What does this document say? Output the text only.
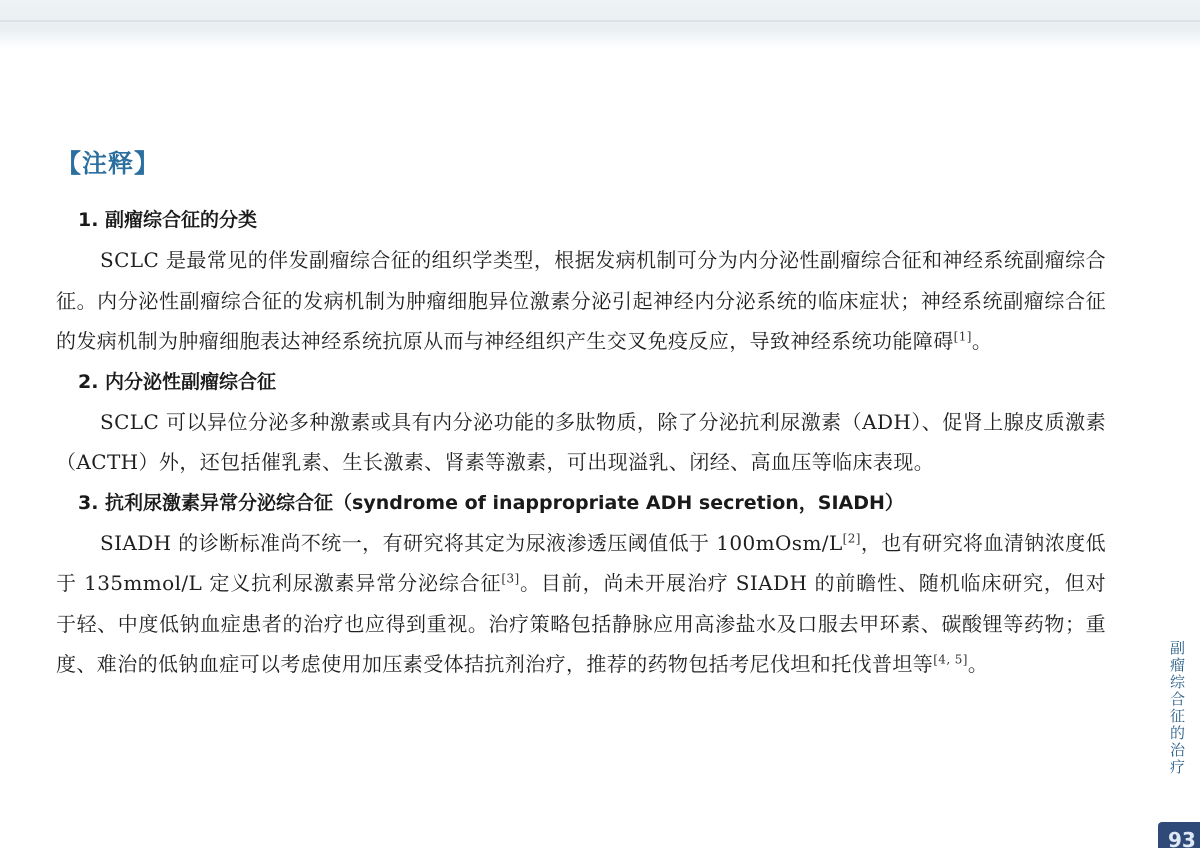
【注释】
1. 副瘤综合征的分类

SCLC 是最常见的伴发副瘤综合征的组织学类型，根据发病机制可分为内分泌性副瘤综合征和神经系统副瘤综合征。内分泌性副瘤综合征的发病机制为肿瘤细胞异位激素分泌引起神经内分泌系统的临床症状；神经系统副瘤综合征的发病机制为肿瘤细胞表达神经系统抗原从而与神经组织产生交叉免疫反应，导致神经系统功能障碍[1]。

2. 内分泌性副瘤综合征

SCLC 可以异位分泌多种激素或具有内分泌功能的多肽物质，除了分泌抗利尿激素（ADH）、促肾上腺皮质激素（ACTH）外，还包括催乳素、生长激素、肾素等激素，可出现溢乳、闭经、高血压等临床表现。

3. 抗利尿激素异常分泌综合征（syndrome of inappropriate ADH secretion，SIADH）

SIADH 的诊断标准尚不统一，有研究将其定为尿液渗透压阈值低于 100mOsm/L[2]，也有研究将血清钠浓度低于 135mmol/L 定义抗利尿激素异常分泌综合征[3]。目前，尚未开展治疗 SIADH 的前瞻性、随机临床研究，但对于轻、中度低钠血症患者的治疗也应得到重视。治疗策略包括静脉应用高渗盐水及口服去甲环素、碳酸锂等药物；重度、难治的低钠血症可以考虑使用加压素受体拮抗剂治疗，推荐的药物包括考尼伐坦和托伐普坦等[4, 5]。	副瘤综合征的治疗
93
